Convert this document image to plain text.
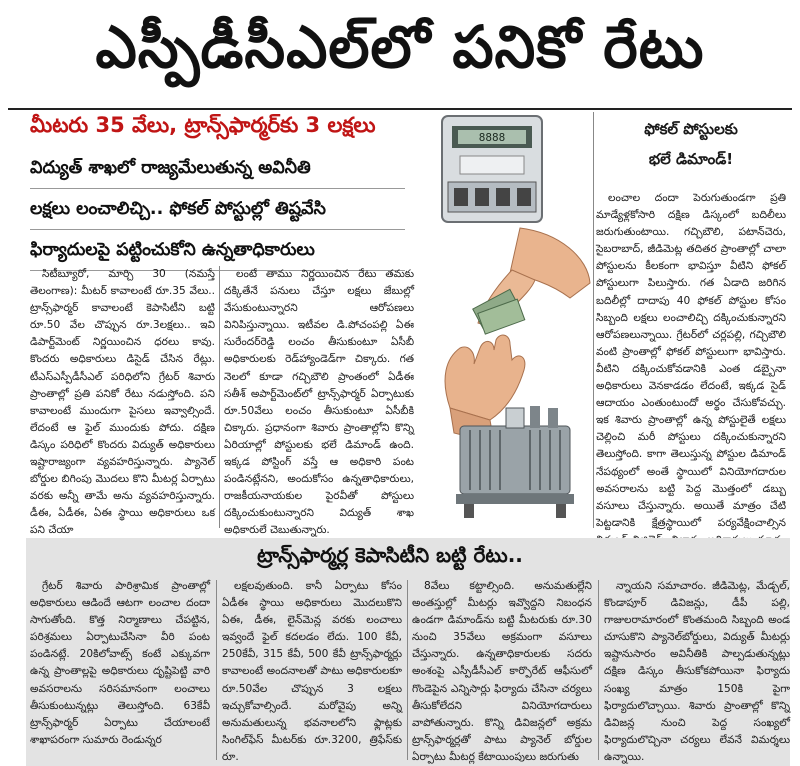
ఎస్పీడీసీఎల్‌లో పనికో రేటు
మీటరు 35 వేలు, ట్రాన్స్‌ఫార్మర్‌కు 3 లక్షలు
విద్యుత్ శాఖలో రాజ్యమేలుతున్న అవినీతి
లక్షలు లంచాలిచ్చి.. ఫోకల్ పోస్టుల్లో తిష్టవేసి
ఫిర్యాదులపై పట్టించుకోని ఉన్నతాధికారులు

సిటీబ్యూరో, మార్చి 30 (నమస్తే తెలంగాణ): మీటర్ కావాలంటే రూ.35 వేలు.. ట్రాన్స్‌ఫార్మర్ కావాలంటే కెపాసిటీని బట్టి రూ.50 వేల చొప్పున రూ.3లక్షలు.. ఇవి డిపార్ట్‌మెంట్ నిర్ణయించిన ధరలు కావు. కొందరు అధికారులు డిసైడ్ చేసిన రేట్లు. టీఎస్‌ఎస్పీడీసీఎల్ పరిధిలోని గ్రేటర్ శివారు ప్రాంతాల్లో ప్రతి పనికో రేటు నడుస్తోంది. పని కావాలంటే ముందుగా పైసలు ఇవ్వాల్సిందే. లేదంటే ఆ ఫైల్ ముందుకు పోదు. దక్షిణ డిస్కం పరిధిలో కొందరు విద్యుత్ అధికారులు ఇష్టారాజ్యంగా వ్యవహరిస్తున్నారు. ప్యానెల్ బోర్డుల బిగింపు మొదలు కొని మీటర్ల ఏర్పాటు వరకు అన్నీ తామే అను వ్యవహరిస్తున్నారు. డీఈ, ఏడీఈ, ఏఈ స్థాయి అధికారులు ఒక పని చేయా

లంటే తాము నిర్ణయించిన రేటు తమకు దక్కితేనే పనులు చేస్తూ లక్షలు జేబుల్లో వేసుకుంటున్నారని ఆరోపణలు వినిపిస్తున్నాయి. ఇటీవల డి.పోచంపల్లి ఏఈ సురేందర్‌రెడ్డి లంచం తీసుకుంటూ ఏసీబీ అధికారులకు రెడ్‌హ్యాండెడ్‌గా చిక్కారు. గత నెలలో కూడా గచ్చిబౌలి ప్రాంతంలో ఏడీఈ సతీశ్ అపార్ట్‌మెంట్‌లో ట్రాన్స్‌ఫార్మర్ ఏర్పాటుకు రూ.50వేలు లంచం తీసుకుంటూ ఏసీబీకి చిక్కారు. ప్రధానంగా శివారు ప్రాంతాల్లోని కొన్ని ఏరియాల్లో పోస్టులకు భలే డిమాండ్ ఉంది. ఇక్కడ పోస్టింగ్ వస్తే ఆ అధికారి పంట పండినట్లేనని, అందుకోసం ఉన్నతాధికారులు, రాజకీయనాయకుల పైరవీతో పోస్టులు దక్కించుకుంటున్నారని విద్యుత్ శాఖ అధికారులే చెబుతున్నారు.

8888	ఫోకల్ పోస్టులకు
భలే డిమాండ్!

లంచాల దందా పెరుగుతుండగా ప్రతి మాడ్యేళ్లకోసారి దక్షిణ డిస్కంలో బదిలీలు జరుగుతుంటాయి. గచ్చిబౌలి, పటాన్‌చెరు, సైబరాబాద్, జీడిమెట్ల తదితర ప్రాంతాల్లో చాలా పోస్టులను కీలకంగా భావిస్తూ వీటిని ఫోకల్ పోస్టులుగా పిలుస్తారు. గత ఏడాది జరిగిన బదిలీల్లో దాదాపు 40 ఫోకల్ పోస్టుల కోసం సిబ్బంది లక్షలు లంచాలిచ్చి దక్కించుకున్నారని ఆరోపణలున్నాయి. గ్రేటర్‌లో చర్లపల్లి, గచ్చిబౌలి వంటి ప్రాంతాల్లో ఫోకల్ పోస్టులుగా భావిస్తారు. వీటిని దక్కించుకోవడానికి ఎంత డబ్బైనా అధికారులు వెనకాడడం లేదంటే, ఇక్కడ సైడ్ ఆదాయం ఎంతుంటుందో అర్థం చేసుకోవచ్చు. ఇక శివారు ప్రాంతాల్లో ఉన్న పోస్టులైతే లక్షలు చెల్లించి మరీ పోస్టులు దక్కించుకున్నారని తెలుస్తోంది. కాగా తెలుస్తున్న పోస్టుల డిమాండ్ నేపథ్యంలో అంతే స్థాయిలో వినియోగదారుల అవసరాలను బట్టి పెద్ద మొత్తంలో డబ్బు వసూలు చేస్తున్నారు. అయితే మాత్రం చేటి పెట్టడానికి క్షేత్రస్థాయిలో పర్యవేక్షించాల్సిన

ట్రాన్స్‌ఫార్మర్ల కెపాసిటీని బట్టి రేటు..

గ్రేటర్ శివారు పారిశ్రామిక ప్రాంతాల్లో అధికారులు ఆడిందే ఆటగా లంచాల దందా సాగుతోంది. కొత్త నిర్మాణాలు చేపట్టిన, పరిశ్రమలు ఏర్పాటుచేసినా వీరి పంట పండినట్లే. 20కిలోవాట్స్ కంటే ఎక్కువగా ఉన్న ప్రాంతాల్లపై అధికారులు దృష్టిపెట్టి వారి అవసరాలను సరిసమానంగా లంచాలు తీసుకుంటున్నట్లు తెలుస్తోంది. 63కేవీ ట్రాన్స్‌ఫార్మర్ ఏర్పాటు చేయాలంటే శాఖాపరంగా సుమారు రెండున్నర

లక్షలవుతుంది. కానీ ఏర్పాటు కోసం ఏడీఈ స్థాయి అధికారులు మొదలుకొని ఏఈ, డీఈ, లైన్‌మెన్ల వరకు లంచాలు ఇవ్వందే ఫైల్ కదలడం లేదు. 100 కేవీ, 250కేవీ, 315 కేవీ, 500 కేవీ ట్రాన్స్‌ఫార్మర్లు కావాలంటే అందనాలతో పాటు అధికారులకూ రూ.50వేల చొప్పున 3 లక్షలు ఇచ్చుకోవాల్సిందే. మరోవైపు అన్ని అనుమతులున్న భవనాలలోని ఫ్లాట్లకు సింగిల్‌ఫేస్ మీటర్‌కు రూ.3200, త్రిఫేస్‌కు రూ.

8వేలు కట్టాల్సింది. అనుమతుల్లేని అంతస్తుల్లో మీటర్లు ఇవ్వొద్దని నిబంధన ఉండగా డిమాండ్‌ను బట్టి మీటరుకు రూ.30 నుంచి 35వేలు అక్రమంగా వసూలు చేస్తున్నారు. ఉన్నతాధికారులకు సదరు అంశంపై ఎస్పీడీసీఎల్ కార్పొరేట్ ఆఫీసులో గొండెపైన ఎన్నిసార్లు ఫిర్యాదు చేసినా చర్యలు తీసుకోలేదని వినియోగదారులు వాపోతున్నారు. కొన్ని డివిజన్లలో అక్రమ ట్రాన్స్‌ఫార్మర్లతో పాటు ప్యానెల్ బోర్డుల ఏర్పాటు మీటర్ల కేటాయింపులు జరుగుతు

న్నాయని సమాచారం. జీడిమెట్ల, మేడ్చల్, కొండాపూర్ డివిజన్లు, డీపీ పల్లి, గాజులరామారంలో కొంతమంది సిబ్బంది అండ చూసుకొని ప్యానెల్‌బోర్డులు, విద్యుత్ మీటర్లు ఇష్టానుసారం అవినీతికి పాల్పడుతున్నట్లు దక్షిణ డిస్కం తీసుకోకపోయినా ఫిర్యాదు సంఖ్య మాత్రం 150కి పైగా ఫిర్యాదులొచ్చాయి. శివారు ప్రాంతాల్లో కొన్ని డివిజన్ల నుంచి పెద్ద సంఖ్యలో ఫిర్యాదులొచ్చినా చర్యలు లేవనే విమర్శలు ఉన్నాయి.
